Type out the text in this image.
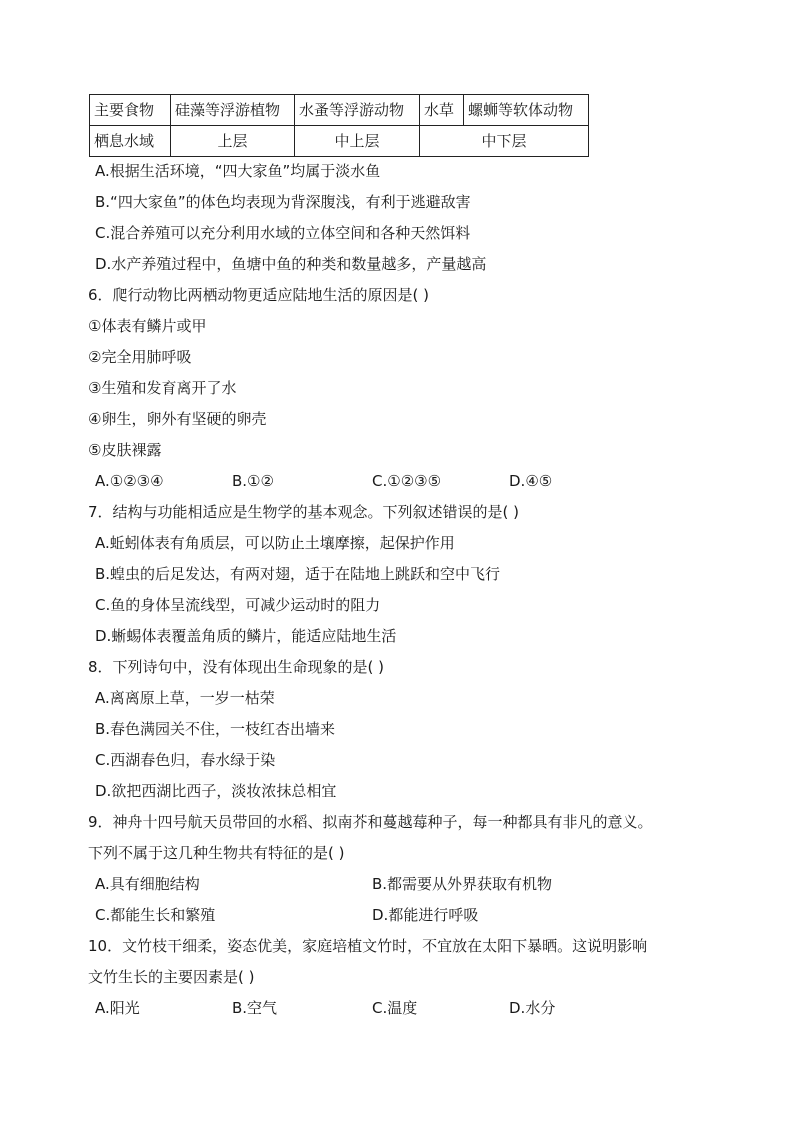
主要食物	硅藻等浮游植物	水蚤等浮游动物	水草	螺蛳等软体动物
栖息水域	上层	中上层	中下层	
A.根据生活环境，“四大家鱼”均属于淡水鱼
B.“四大家鱼”的体色均表现为背深腹浅，有利于逃避敌害
C.混合养殖可以充分利用水域的立体空间和各种天然饵料
D.水产养殖过程中，鱼塘中鱼的种类和数量越多，产量越高
6．爬行动物比两栖动物更适应陆地生活的原因是( )
①体表有鳞片或甲
②完全用肺呼吸
③生殖和发育离开了水
④卵生，卵外有坚硬的卵壳
⑤皮肤裸露
A.①②③④	B.①②	C.①②③⑤	D.④⑤
7．结构与功能相适应是生物学的基本观念。下列叙述错误的是( )
A.蚯蚓体表有角质层，可以防止土壤摩擦，起保护作用
B.蝗虫的后足发达，有两对翅，适于在陆地上跳跃和空中飞行
C.鱼的身体呈流线型，可减少运动时的阻力
D.蜥蜴体表覆盖角质的鳞片，能适应陆地生活
8．下列诗句中，没有体现出生命现象的是( )
A.离离原上草，一岁一枯荣
B.春色满园关不住，一枝红杏出墙来
C.西湖春色归，春水绿于染
D.欲把西湖比西子，淡妆浓抹总相宜
9．神舟十四号航天员带回的水稻、拟南芥和蔓越莓种子，每一种都具有非凡的意义。
下列不属于这几种生物共有特征的是( )
A.具有细胞结构	B.都需要从外界获取有机物
C.都能生长和繁殖	D.都能进行呼吸
10．文竹枝干细柔，姿态优美，家庭培植文竹时，不宜放在太阳下暴晒。这说明影响
文竹生长的主要因素是( )
A.阳光	B.空气	C.温度	D.水分
